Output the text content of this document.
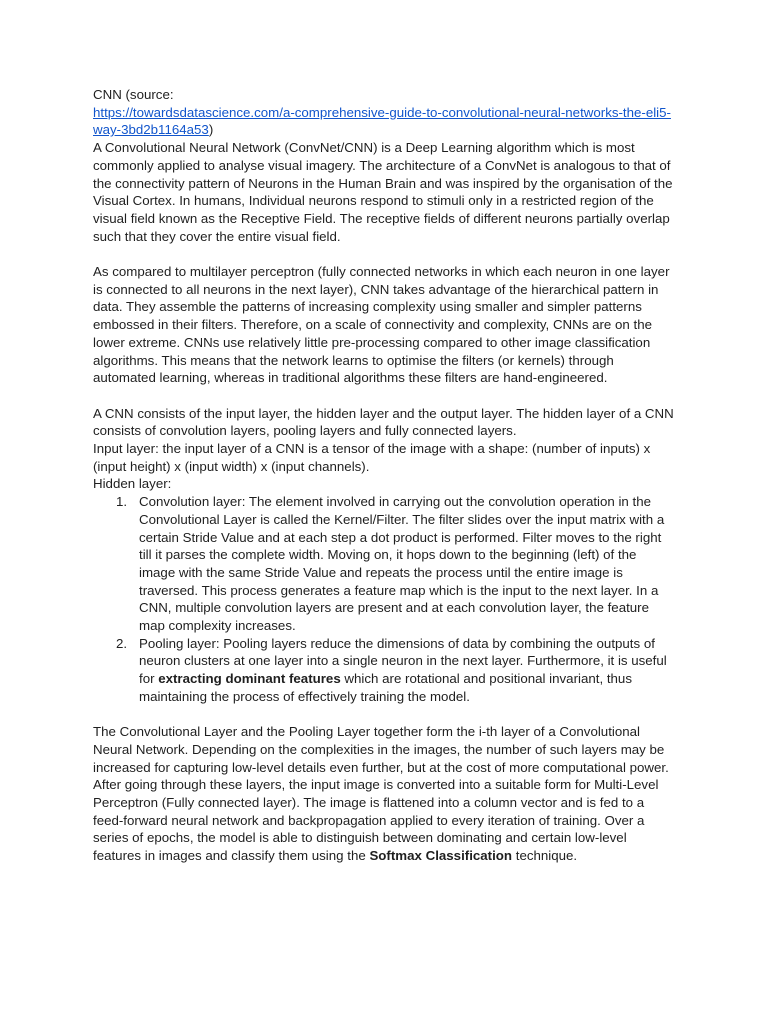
CNN (source:
https://towardsdatascience.com/a-comprehensive-guide-to-convolutional-neural-networks-the-eli5-way-3bd2b1164a53)

A Convolutional Neural Network (ConvNet/CNN) is a Deep Learning algorithm which is most commonly applied to analyse visual imagery. The architecture of a ConvNet is analogous to that of the connectivity pattern of Neurons in the Human Brain and was inspired by the organisation of the Visual Cortex. In humans, Individual neurons respond to stimuli only in a restricted region of the visual field known as the Receptive Field. The receptive fields of different neurons partially overlap such that they cover the entire visual field.

As compared to multilayer perceptron (fully connected networks in which each neuron in one layer is connected to all neurons in the next layer), CNN takes advantage of the hierarchical pattern in data. They assemble the patterns of increasing complexity using smaller and simpler patterns embossed in their filters. Therefore, on a scale of connectivity and complexity, CNNs are on the lower extreme. CNNs use relatively little pre-processing compared to other image classification algorithms. This means that the network learns to optimise the filters (or kernels) through automated learning, whereas in traditional algorithms these filters are hand-engineered.

A CNN consists of the input layer, the hidden layer and the output layer. The hidden layer of a CNN consists of convolution layers, pooling layers and fully connected layers.

Input layer: the input layer of a CNN is a tensor of the image with a shape: (number of inputs) x (input height) x (input width) x (input channels).

Hidden layer:

1. Convolution layer: The element involved in carrying out the convolution operation in the Convolutional Layer is called the Kernel/Filter. The filter slides over the input matrix with a certain Stride Value and at each step a dot product is performed. Filter moves to the right till it parses the complete width. Moving on, it hops down to the beginning (left) of the image with the same Stride Value and repeats the process until the entire image is traversed. This process generates a feature map which is the input to the next layer. In a CNN, multiple convolution layers are present and at each convolution layer, the feature map complexity increases.
2. Pooling layer: Pooling layers reduce the dimensions of data by combining the outputs of neuron clusters at one layer into a single neuron in the next layer. Furthermore, it is useful for extracting dominant features which are rotational and positional invariant, thus maintaining the process of effectively training the model.

The Convolutional Layer and the Pooling Layer together form the i-th layer of a Convolutional Neural Network. Depending on the complexities in the images, the number of such layers may be increased for capturing low-level details even further, but at the cost of more computational power.

After going through these layers, the input image is converted into a suitable form for Multi-Level Perceptron (Fully connected layer). The image is flattened into a column vector and is fed to a feed-forward neural network and backpropagation applied to every iteration of training. Over a series of epochs, the model is able to distinguish between dominating and certain low-level features in images and classify them using the Softmax Classification technique.
